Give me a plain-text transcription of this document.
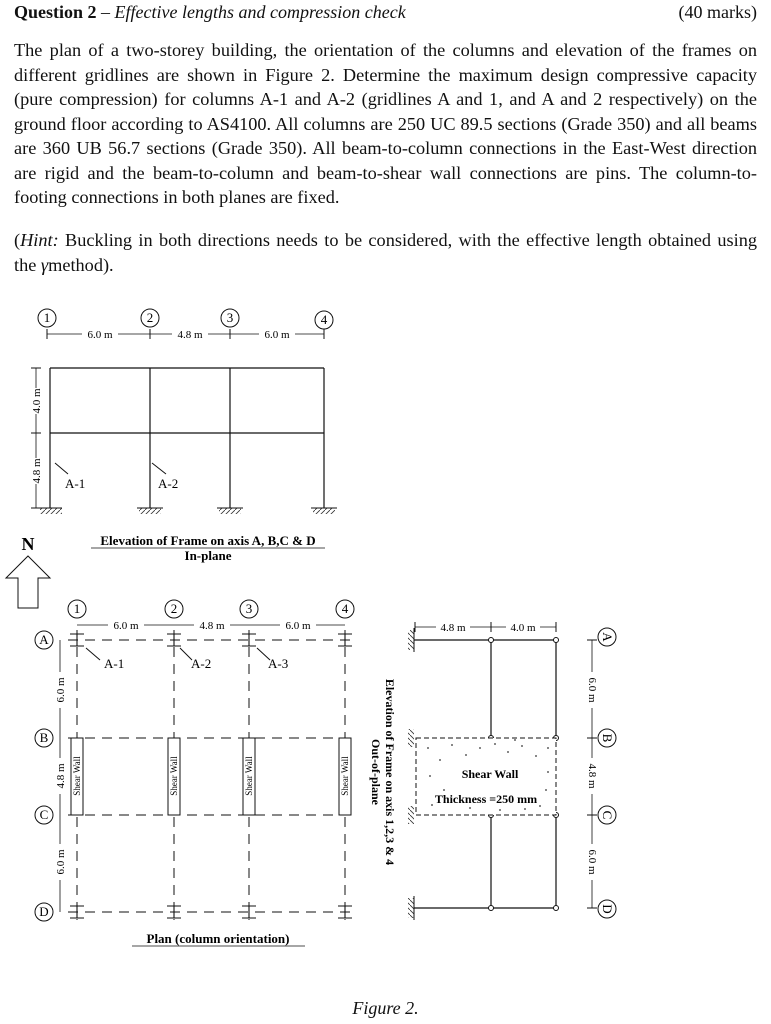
Question 2 – Effective lengths and compression check	(40 marks)
The plan of a two-storey building, the orientation of the columns and elevation of the frames on different gridlines are shown in Figure 2. Determine the maximum design compressive capacity (pure compression) for columns A-1 and A-2 (gridlines A and 1, and A and 2 respectively) on the ground floor according to AS4100. All columns are 250 UC 89.5 sections (Grade 350) and all beams are 360 UB 56.7 sections (Grade 350). All beam-to-column connections in the East-West direction are rigid and the beam-to-column and beam-to-shear wall connections are pins. The column-to-footing connections in both planes are fixed.
(Hint: Buckling in both directions needs to be considered, with the effective length obtained using the γmethod).
1	2	3	4
6.0 m	4.8 m	6.0 m
4.0 m
4.8 m A-1	A-2
Elevation of Frame on axis A, B,C & D
In-plane
N
1	2	3	4
6.0 m	4.8 m	6.0 m
A
B
C
D
6.0 m
4.8 m
6.0 m
Shear Wall	Shear Wall	Shear Wall	Shear Wall
A-1	A-2	A-3
Plan (column orientation)
Elevation of Frame on axis 1,2,3 & 4
Out-of-plane
4.8 m	4.0 m
Shear Wall
Thickness =250 mm
6.0 m
4.8 m
6.0 m
A
B
C
D
Figure 2.
